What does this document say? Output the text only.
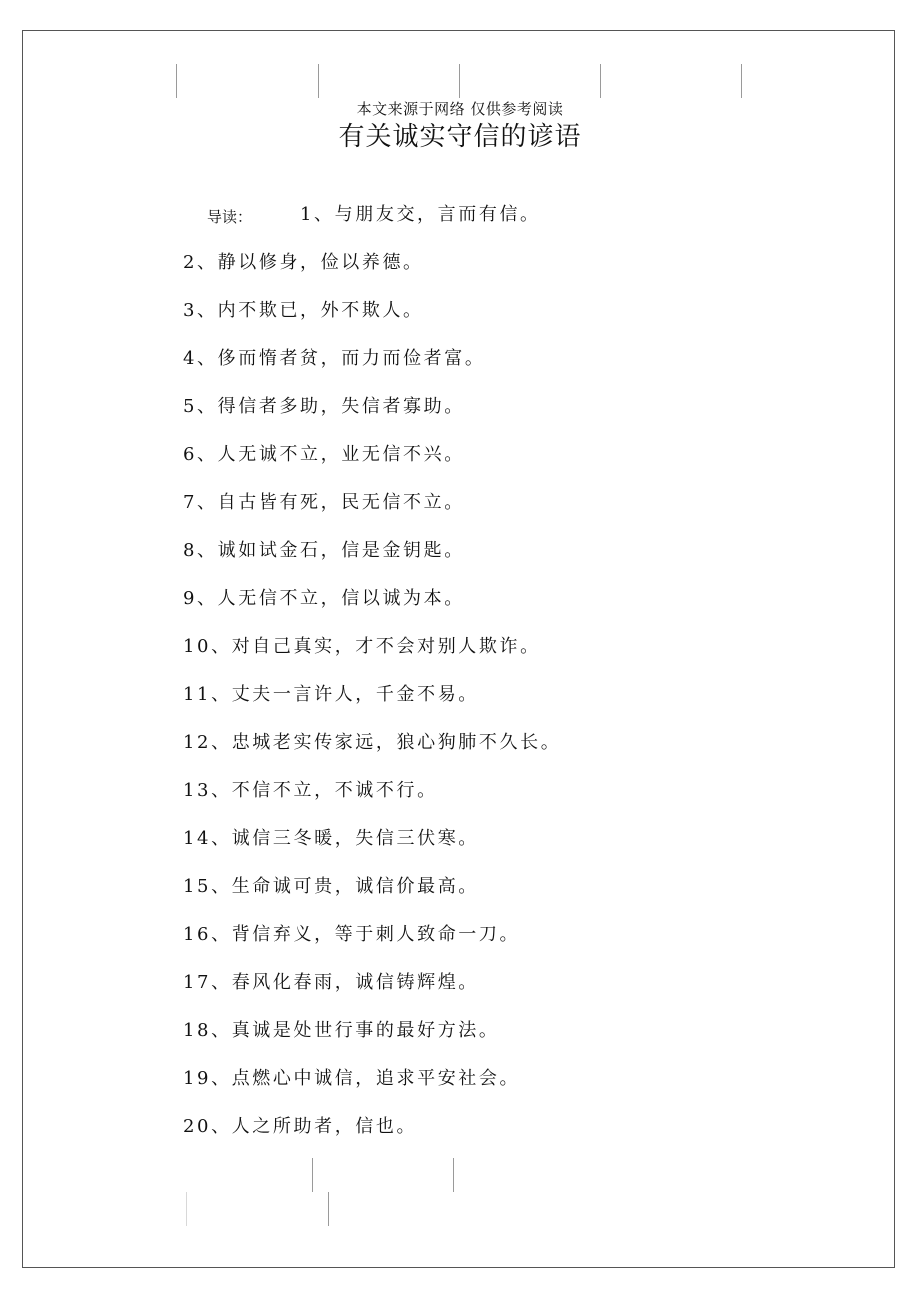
本文来源于网络 仅供参考阅读
有关诚实守信的谚语
导读：	1、与朋友交，言而有信。
2、静以修身，俭以养德。
3、内不欺已，外不欺人。
4、侈而惰者贫，而力而俭者富。
5、得信者多助，失信者寡助。
6、人无诚不立，业无信不兴。
7、自古皆有死，民无信不立。
8、诚如试金石，信是金钥匙。
9、人无信不立，信以诚为本。
10、对自己真实，才不会对别人欺诈。
11、丈夫一言许人，千金不易。
12、忠城老实传家远，狼心狗肺不久长。
13、不信不立，不诚不行。
14、诚信三冬暖，失信三伏寒。
15、生命诚可贵，诚信价最高。
16、背信弃义，等于刺人致命一刀。
17、春风化春雨，诚信铸辉煌。
18、真诚是处世行事的最好方法。
19、点燃心中诚信，追求平安社会。
20、人之所助者，信也。
